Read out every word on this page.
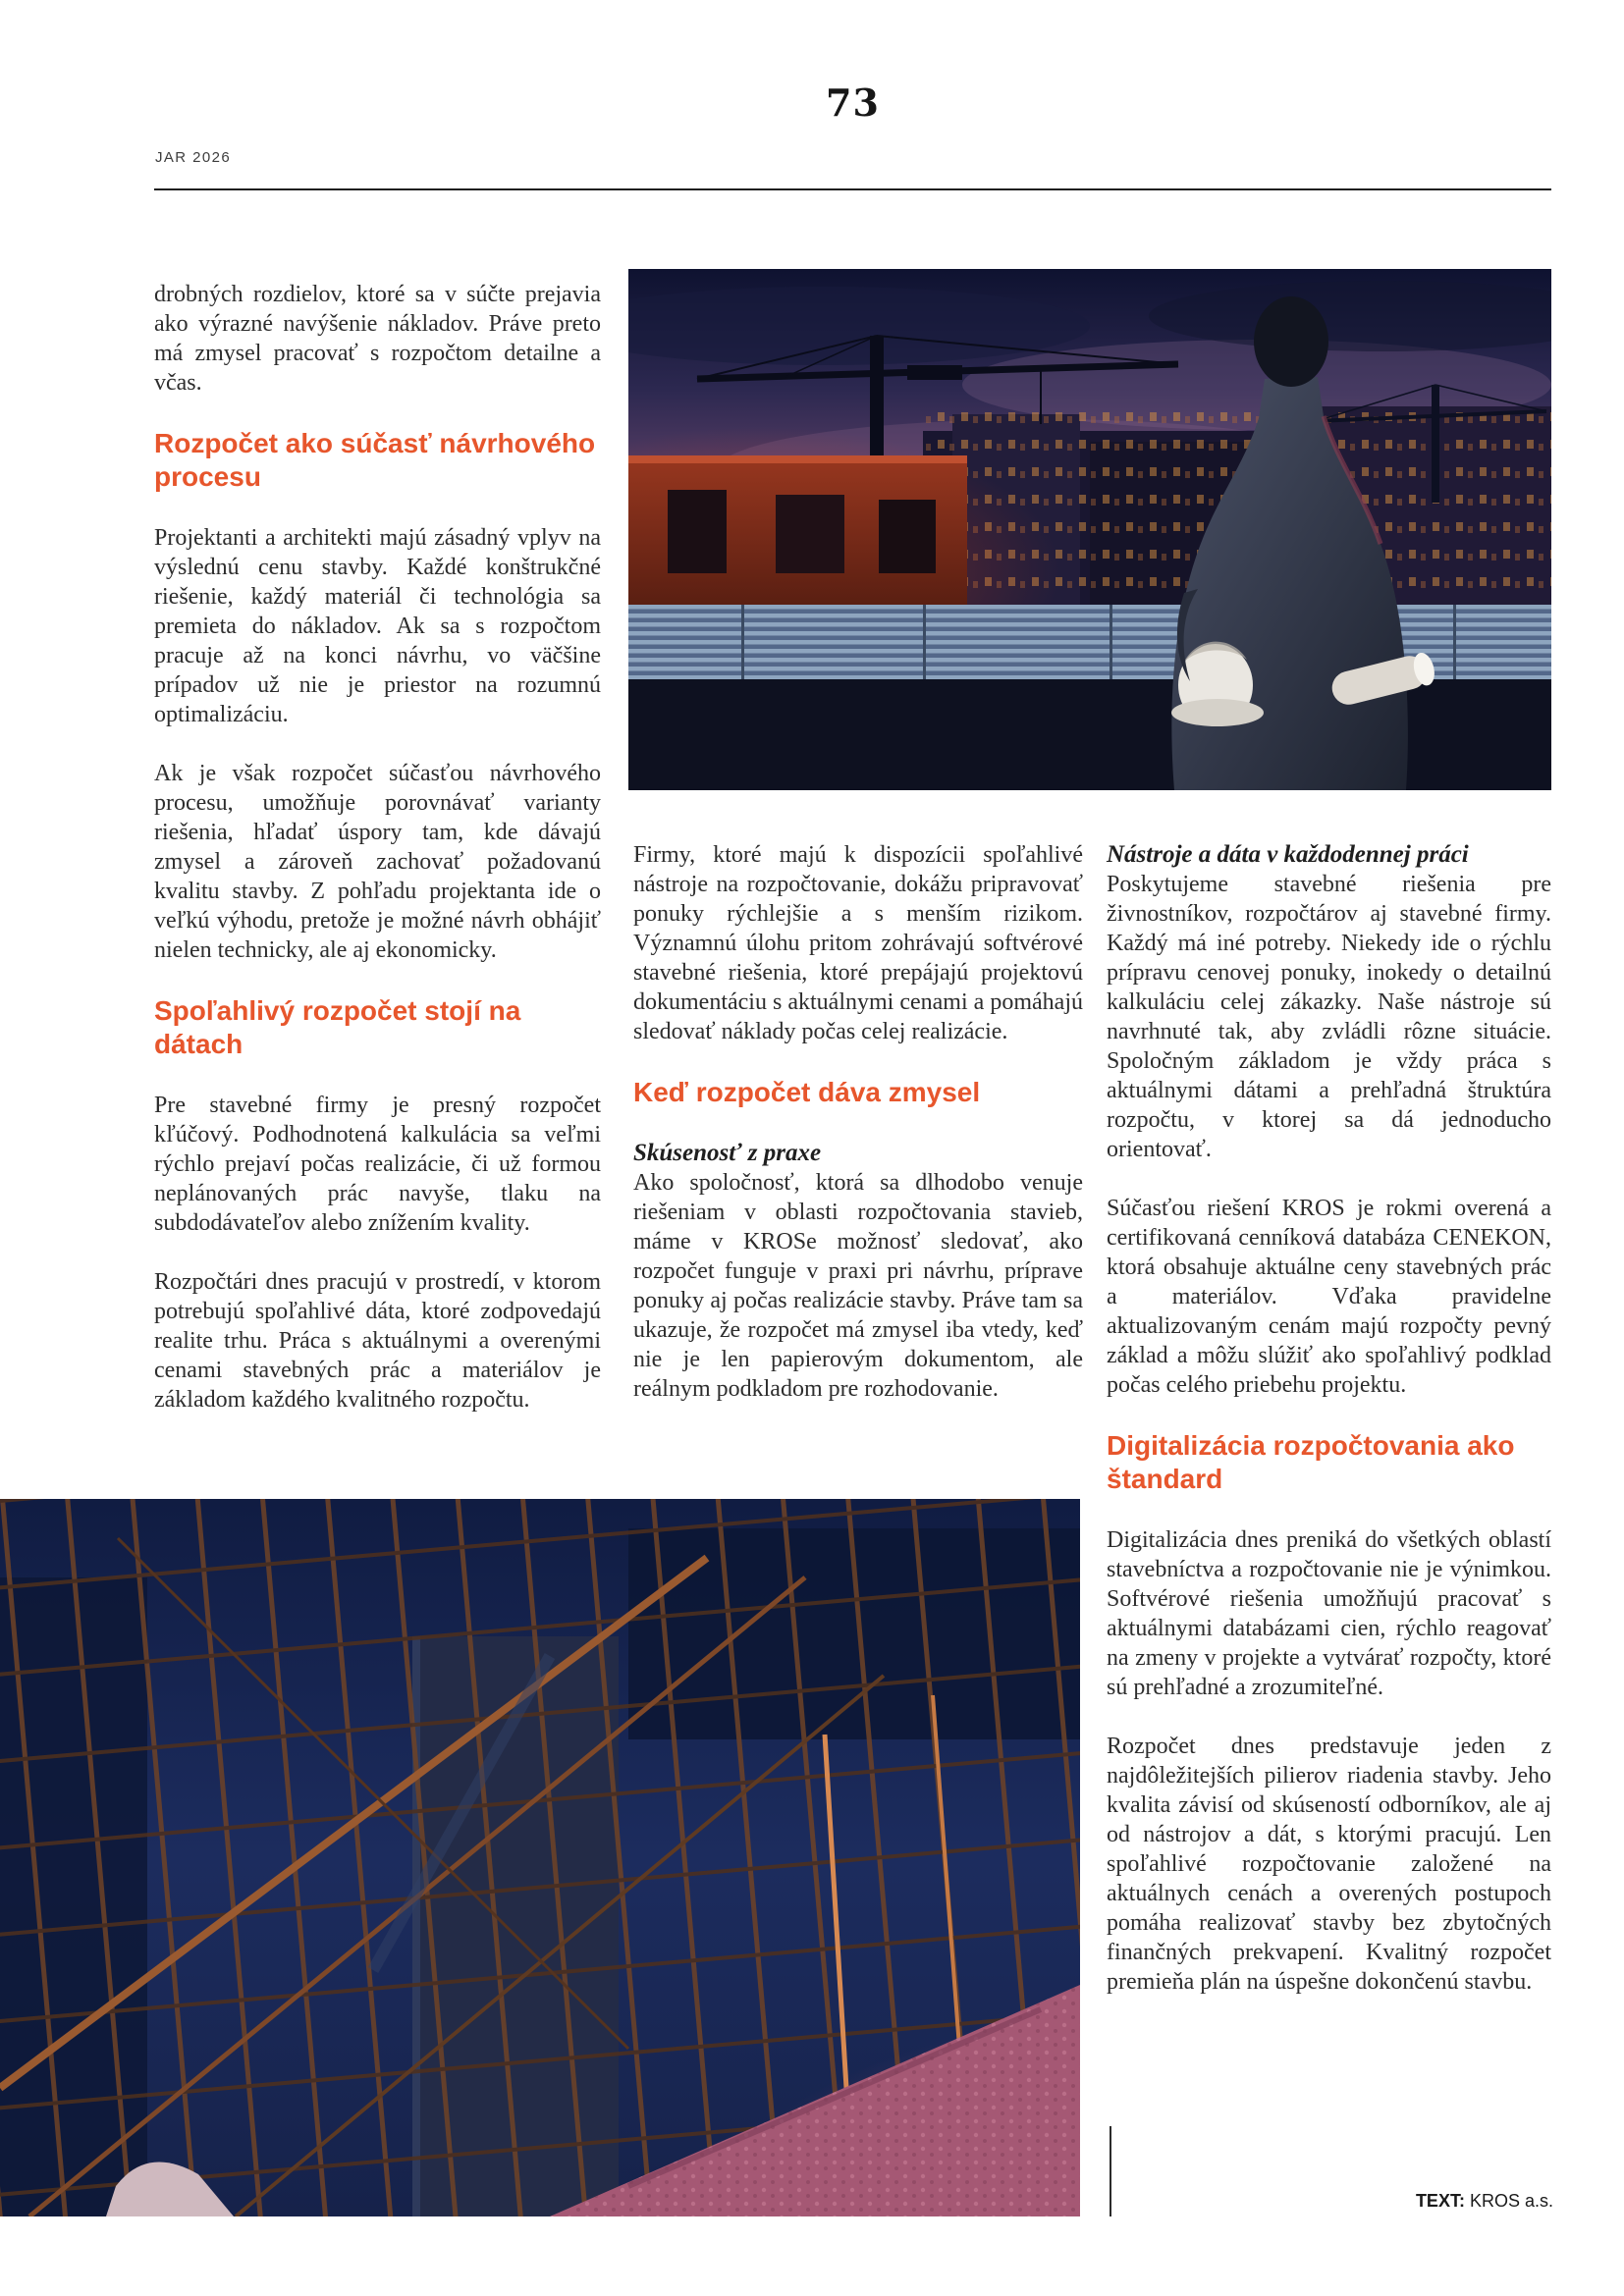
73
JAR 2026

drobných rozdielov, ktoré sa v súčte prejavia ako výrazné navýšenie nákladov. Práve preto má zmysel pracovať s rozpočtom detailne a včas.

Rozpočet ako súčasť návrhového procesu

Projektanti a architekti majú zásadný vplyv na výslednú cenu stavby. Každé konštrukčné riešenie, každý materiál či technológia sa premieta do nákladov. Ak sa s rozpočtom pracuje až na konci návrhu, vo väčšine prípadov už nie je priestor na rozumnú optimalizáciu.

Ak je však rozpočet súčasťou návrhového procesu, umožňuje porovnávať varianty riešenia, hľadať úspory tam, kde dávajú zmysel a zároveň zachovať požadovanú kvalitu stavby. Z pohľadu projektanta ide o veľkú výhodu, pretože je možné návrh obhájiť nielen technicky, ale aj ekonomicky.

Spoľahlivý rozpočet stojí na dátach

Pre stavebné firmy je presný rozpočet kľúčový. Podhodnotená kalkulácia sa veľmi rýchlo prejaví počas realizácie, či už formou neplánovaných prác navyše, tlaku na subdodávateľov alebo znížením kvality.

Rozpočtári dnes pracujú v prostredí, v ktorom potrebujú spoľahlivé dáta, ktoré zodpovedajú realite trhu. Práca s aktuálnymi a overenými cenami stavebných prác a materiálov je základom každého kvalitného rozpočtu.

Firmy, ktoré majú k dispozícii spoľahlivé nástroje na rozpočtovanie, dokážu pripravovať ponuky rýchlejšie a s menším rizikom. Významnú úlohu pritom zohrávajú softvérové stavebné riešenia, ktoré prepájajú projektovú dokumentáciu s aktuálnymi cenami a pomáhajú sledovať náklady počas celej realizácie.

Keď rozpočet dáva zmysel
Skúsenosť z praxe

Ako spoločnosť, ktorá sa dlhodobo venuje riešeniam v oblasti rozpočtovania stavieb, máme v KROSe možnosť sledovať, ako rozpočet funguje v praxi pri návrhu, príprave ponuky aj počas realizácie stavby. Práve tam sa ukazuje, že rozpočet má zmysel iba vtedy, keď nie je len papierovým dokumentom, ale reálnym podkladom pre rozhodovanie.

Nástroje a dáta v každodennej práci

Poskytujeme stavebné riešenia pre živnostníkov, rozpočtárov aj stavebné firmy. Každý má iné potreby. Niekedy ide o rýchlu prípravu cenovej ponuky, inokedy o detailnú kalkuláciu celej zákazky. Naše nástroje sú navrhnuté tak, aby zvládli rôzne situácie. Spoločným základom je vždy práca s aktuálnymi dátami a prehľadná štruktúra rozpočtu, v ktorej sa dá jednoducho orientovať.

Súčasťou riešení KROS je rokmi overená a certifikovaná cenníková databáza CENEKON, ktorá obsahuje aktuálne ceny stavebných prác a materiálov. Vďaka pravidelne aktualizovaným cenám majú rozpočty pevný základ a môžu slúžiť ako spoľahlivý podklad počas celého priebehu projektu.

Digitalizácia rozpočtovania ako štandard

Digitalizácia dnes preniká do všetkých oblastí stavebníctva a rozpočtovanie nie je výnimkou. Softvérové riešenia umožňujú pracovať s aktuálnymi databázami cien, rýchlo reagovať na zmeny v projekte a vytvárať rozpočty, ktoré sú prehľadné a zrozumiteľné.

Rozpočet dnes predstavuje jeden z najdôležitejších pilierov riadenia stavby. Jeho kvalita závisí od skúseností odborníkov, ale aj od nástrojov a dát, s ktorými pracujú. Len spoľahlivé rozpočtovanie založené na aktuálnych cenách a overených postupoch pomáha realizovať stavby bez zbytočných finančných prekvapení. Kvalitný rozpočet premieňa plán na úspešne dokončenú stavbu.

TEXT: KROS a.s.
